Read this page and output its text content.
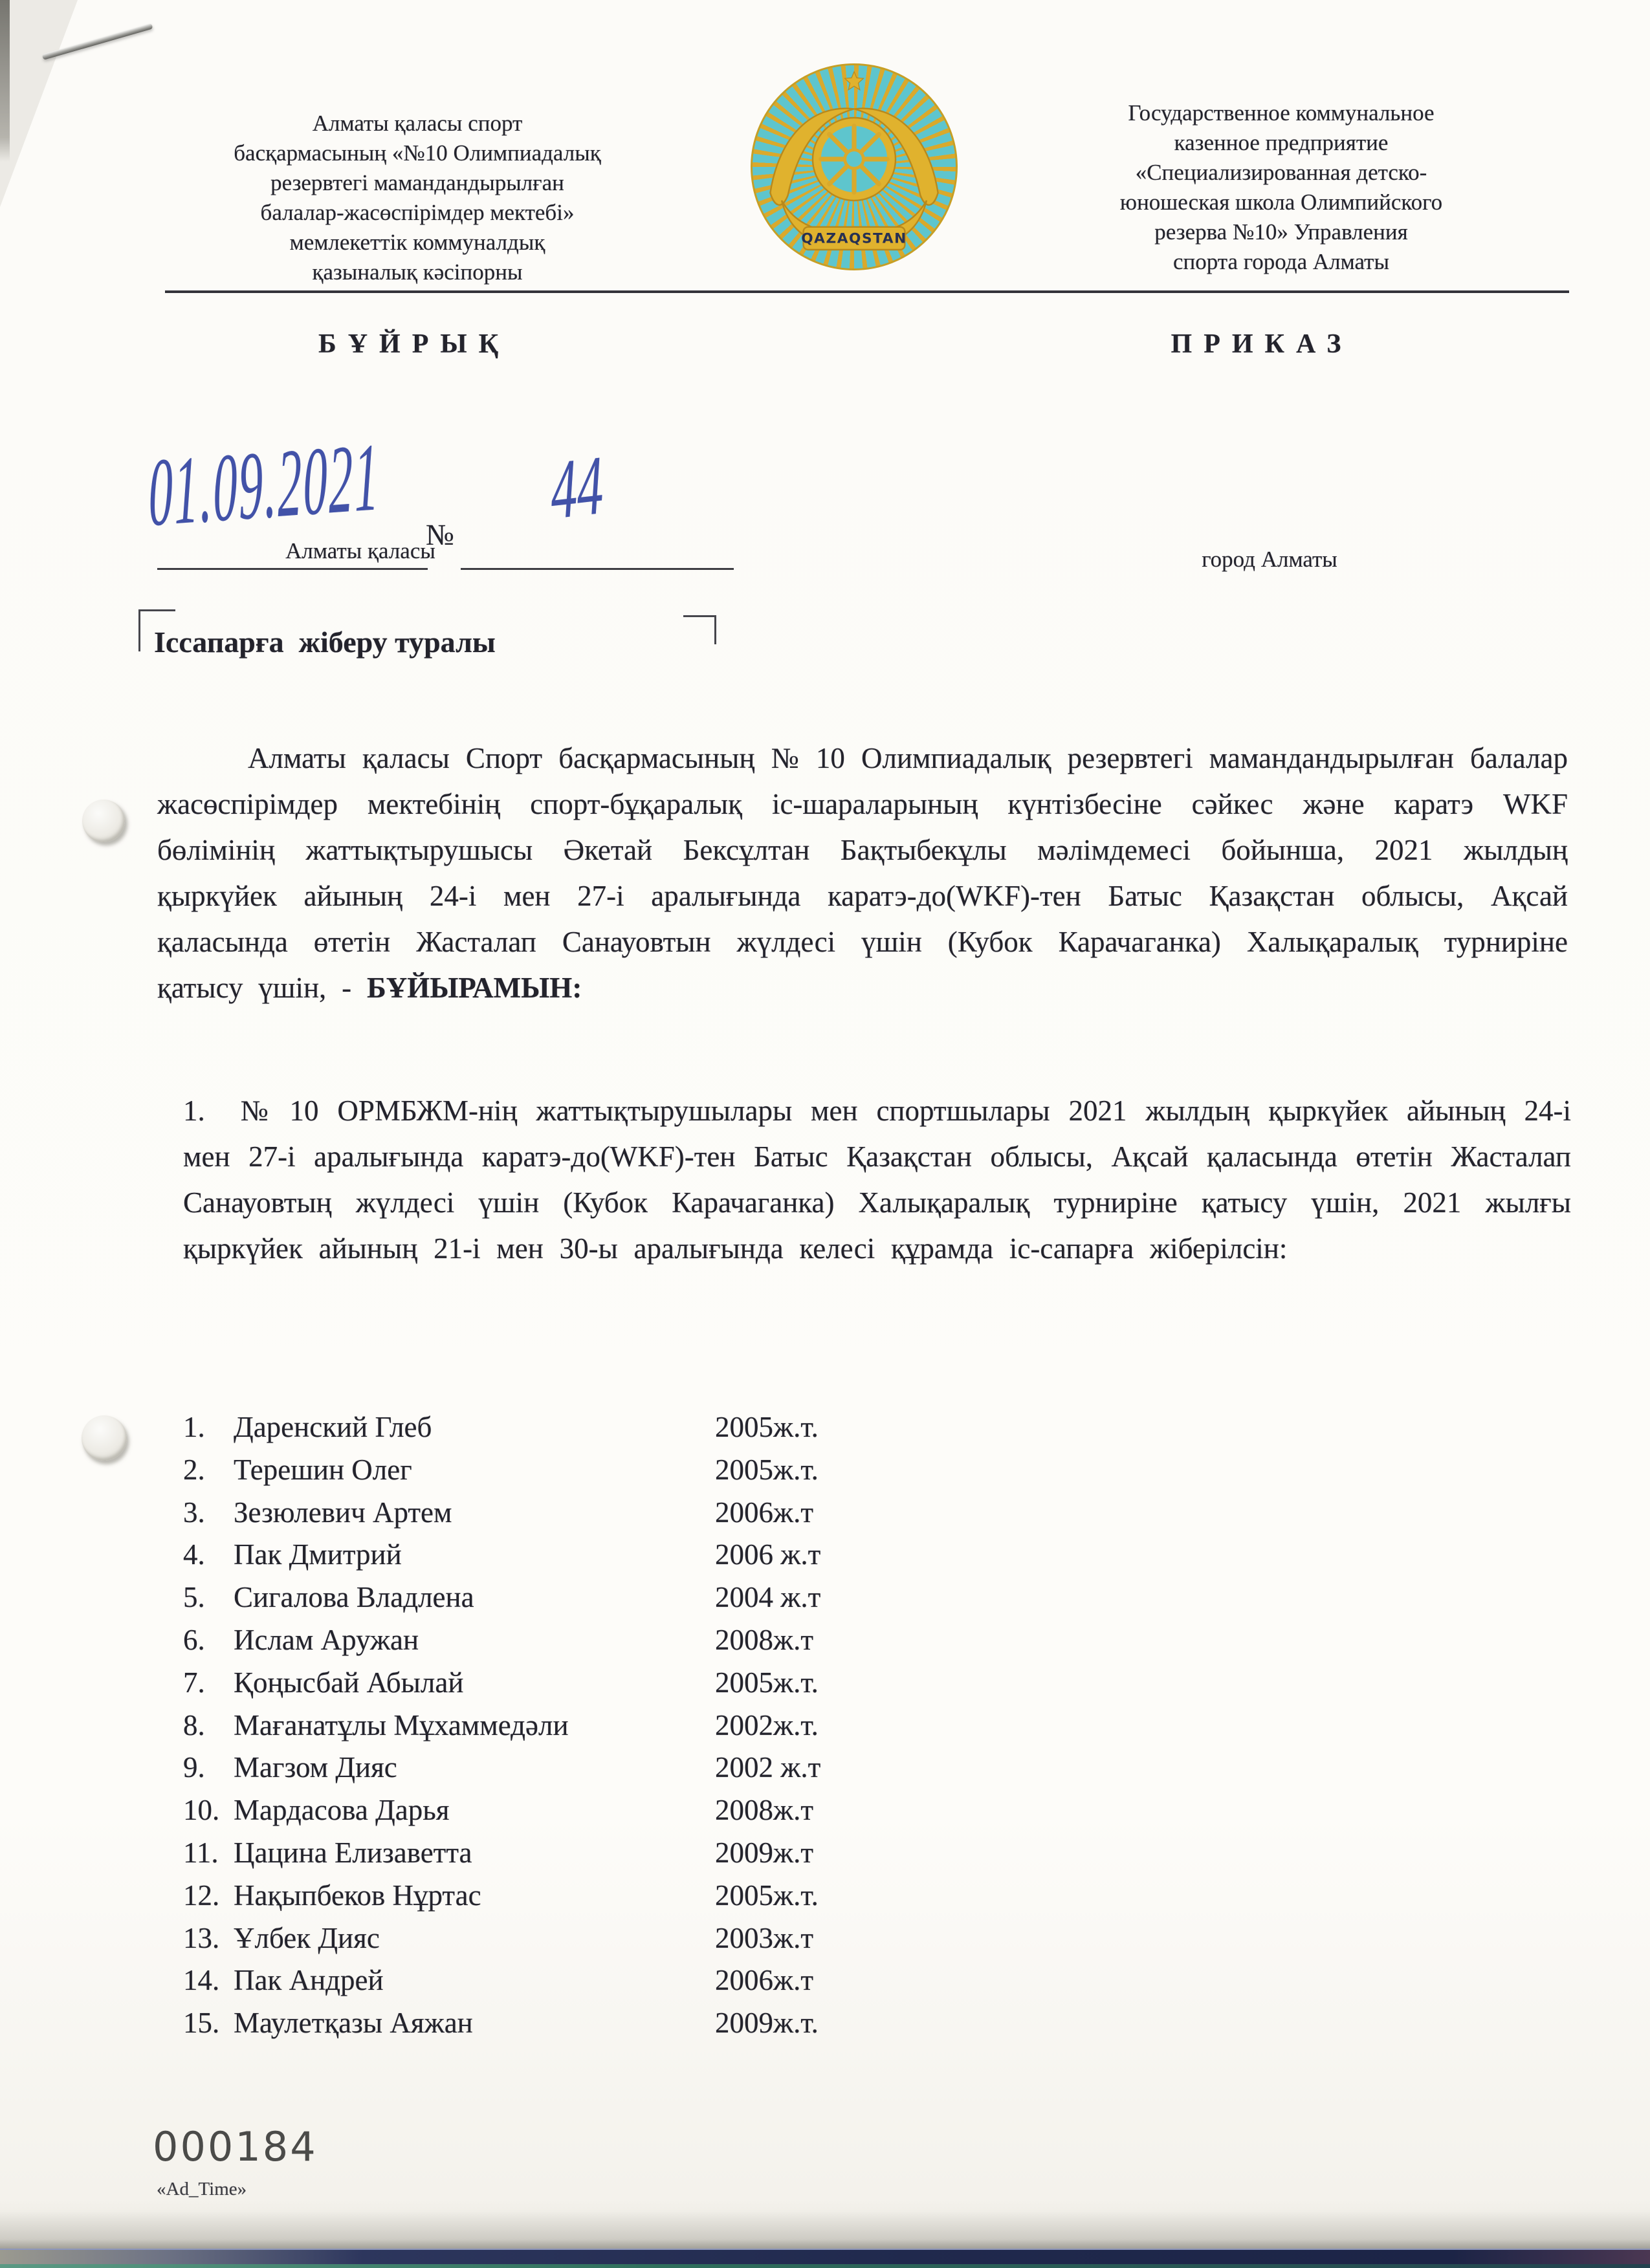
Алматы қаласы спорт
басқармасының «№10 Олимпиадалық
резервтегі мамандандырылған
балалар-жасөспірімдер мектебі»
мемлекеттік коммуналдық
қазыналық кәсіпорны
QAZAQSTAN
Государственное коммунальное
казенное предприятие
«Специализированная детско-
юношеская школа Олимпийского
резерва №10» Управления
спорта города Алматы
БҰЙРЫҚ	ПРИКАЗ
01.09.2021 № 44
Алматы қаласы	город Алматы
Іссапарға  жіберу туралы
Алматы қаласы Спорт басқармасының № 10 Олимпиадалық резервтегі мамандандырылған балалар жасөспірімдер мектебінің спорт-бұқаралық іс-шараларының күнтізбесіне сәйкес және каратэ WKF бөлімінің жаттықтырушысы Әкетай Бексұлтан Бақтыбекұлы мәлімдемесі бойынша, 2021 жылдың қыркүйек айының 24-і мен 27-і аралығында каратэ-до(WKF)-тен Батыс Қазақстан облысы, Ақсай қаласында өтетін Жасталап Санауовтын жүлдесі үшін (Кубок Карачаганка) Халықаралық турниріне қатысу үшін, - БҰЙЫРАМЫН:
1. № 10 ОРМБЖМ-нің жаттықтырушылары мен спортшылары 2021 жылдың қыркүйек айының 24-і мен 27-і аралығында каратэ-до(WKF)-тен Батыс Қазақстан облысы, Ақсай қаласында өтетін Жасталап Санауовтың жүлдесі үшін (Кубок Карачаганка) Халықаралық турниріне қатысу үшін, 2021 жылғы қыркүйек айының 21-і мен 30-ы аралығында келесі құрамда іс-сапарға жіберілсін:
1. Даренский Глеб	2005ж.т.
2. Терешин Олег	2005ж.т.
3. Зезюлевич Артем	2006ж.т
4. Пак Дмитрий	2006 ж.т
5. Сигалова Владлена	2004 ж.т
6. Ислам Аружан	2008ж.т
7. Қоңысбай Абылай	2005ж.т.
8. Мағанатұлы Мұхаммедәли	2002ж.т.
9. Магзом Дияс	2002 ж.т
10. Мардасова Дарья	2008ж.т
11. Цацина Елизаветта	2009ж.т
12. Нақыпбеков Нұртас	2005ж.т.
13. Ұлбек Дияс	2003ж.т
14. Пак Андрей	2006ж.т
15. Маулетқазы Аяжан	2009ж.т.
000184
«Ad_Time»
